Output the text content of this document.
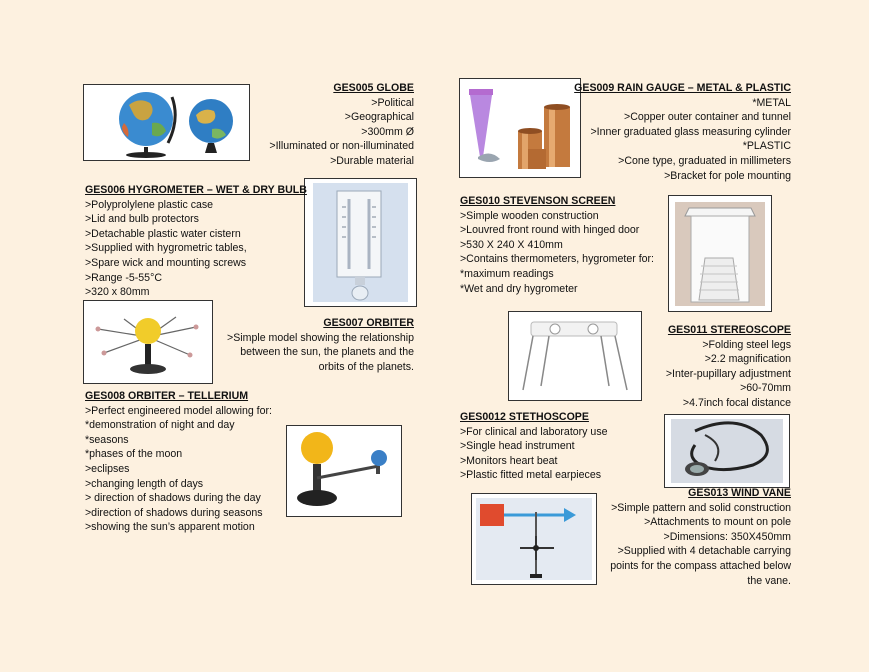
GES005 GLOBE
>Political
>Geographical
>300mm Ø
>Illuminated or non-illuminated
>Durable material
GES006 HYGROMETER – WET & DRY BULB
>Polyprolylene plastic case
>Lid and bulb protectors
>Detachable plastic water cistern
>Supplied with hygrometric tables,
>Spare wick and mounting screws
>Range -5-55°C
>320 x 80mm
GES007 ORBITER
>Simple model showing the relationship
between the sun, the planets and the
orbits of the planets.
GES008 ORBITER – TELLERIUM
>Perfect engineered model allowing for:
*demonstration of night and day
*seasons
*phases of the moon
>eclipses
>changing length of days
> direction of shadows during the day
>direction of shadows during seasons
>showing the sun’s apparent motion
GES009 RAIN GAUGE – METAL & PLASTIC
*METAL
>Copper outer container and tunnel
>Inner graduated glass measuring cylinder
*PLASTIC
>Cone type, graduated in millimeters
>Bracket for pole mounting
GES010 STEVENSON SCREEN
>Simple wooden construction
>Louvred front round with hinged door
>530 X 240 X 410mm
>Contains thermometers, hygrometer for:
*maximum readings
*Wet and dry hygrometer
GES011 STEREOSCOPE
>Folding steel legs
>2.2 magnification
>Inter-pupillary adjustment
>60-70mm
>4.7inch focal distance
GES0012 STETHOSCOPE
>For clinical and laboratory use
>Single head instrument
>Monitors heart beat
>Plastic fitted metal earpieces
GES013 WIND VANE
>Simple pattern and solid construction
>Attachments to mount on pole
>Dimensions: 350X450mm
>Supplied with 4 detachable carrying
points for the compass attached below
the vane.
